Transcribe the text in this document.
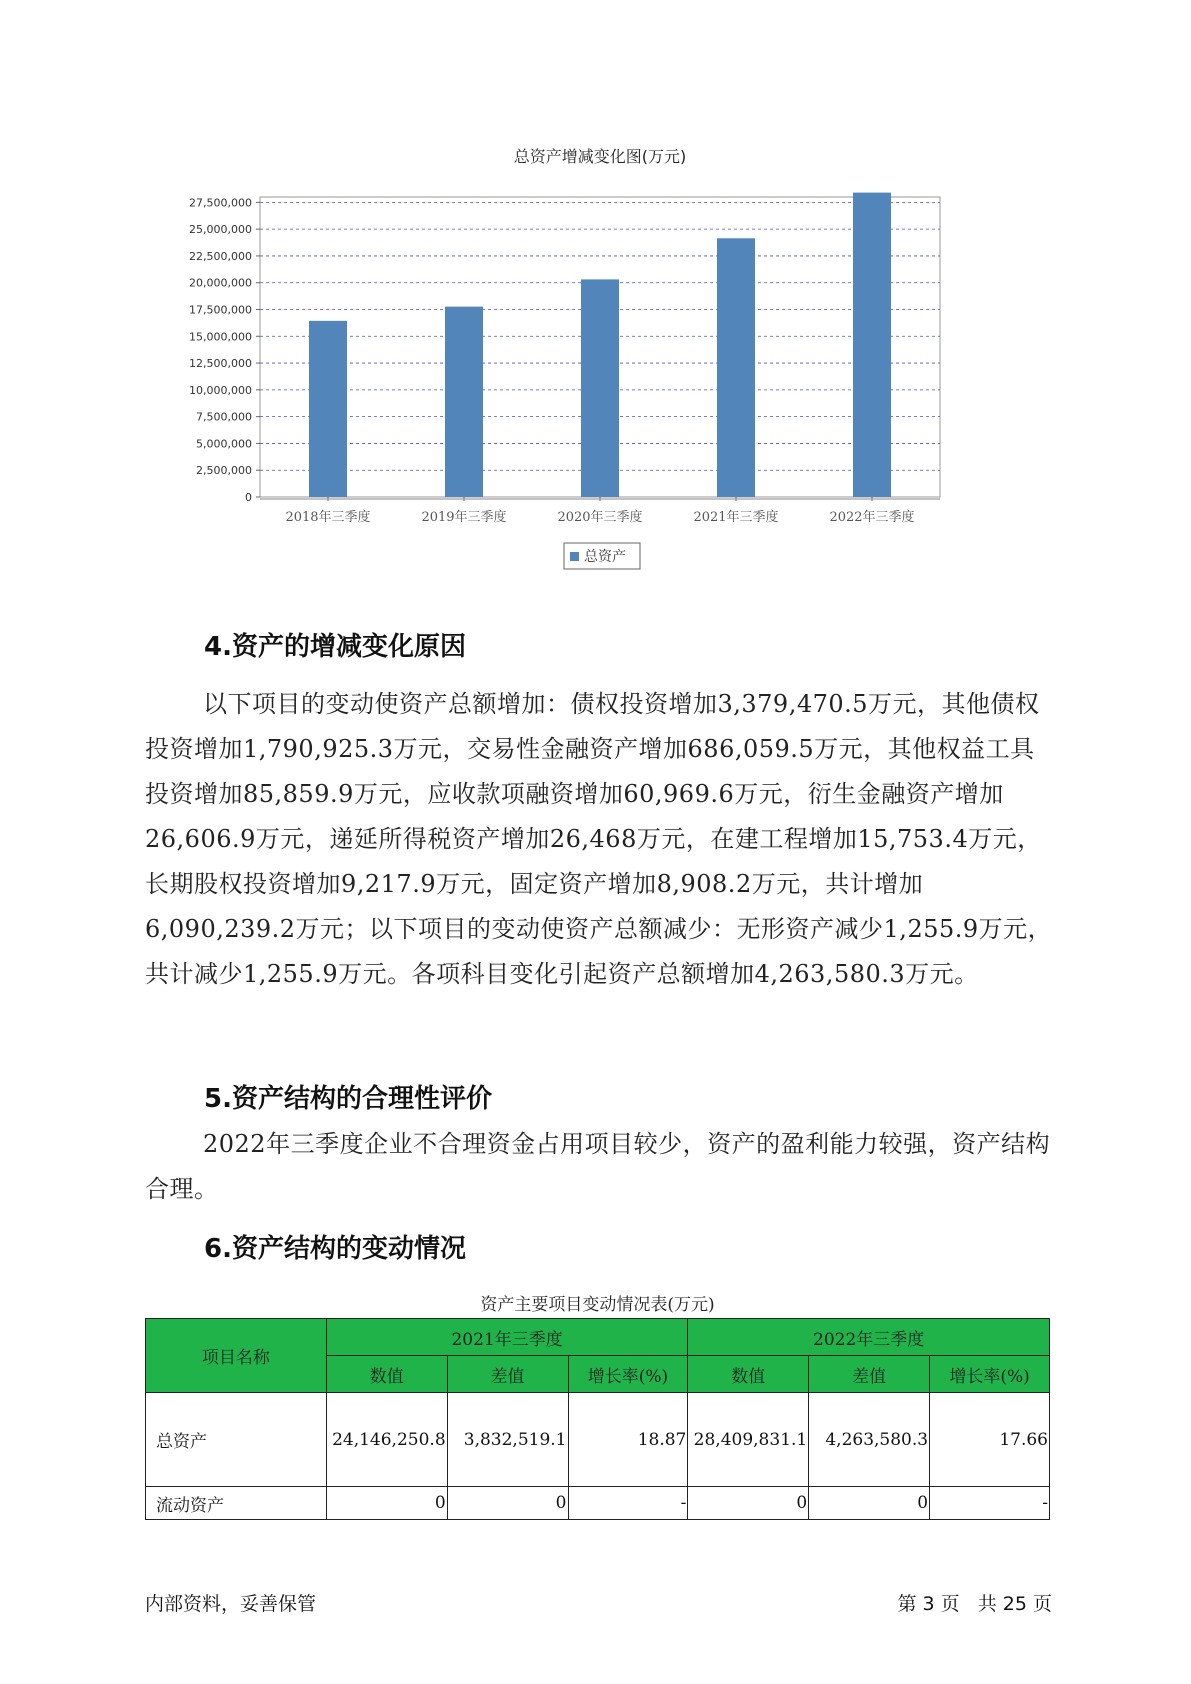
总资产增减变化图(万元)
0
2,500,000
5,000,000
7,500,000
10,000,000
12,500,000
15,000,000
17,500,000
20,000,000
22,500,000
25,000,000
27,500,000
2018年三季度	2019年三季度	2020年三季度	2021年三季度	2022年三季度
总资产
4.资产的增减变化原因
以下项目的变动使资产总额增加：债权投资增加3,379,470.5万元，其他债权投资增加1,790,925.3万元，交易性金融资产增加686,059.5万元，其他权益工具投资增加85,859.9万元，应收款项融资增加60,969.6万元，衍生金融资产增加26,606.9万元，递延所得税资产增加26,468万元，在建工程增加15,753.4万元，长期股权投资增加9,217.9万元，固定资产增加8,908.2万元，共计增加6,090,239.2万元；以下项目的变动使资产总额减少：无形资产减少1,255.9万元，共计减少1,255.9万元。各项科目变化引起资产总额增加4,263,580.3万元。
5.资产结构的合理性评价
2022年三季度企业不合理资金占用项目较少，资产的盈利能力较强，资产结构合理。
6.资产结构的变动情况
资产主要项目变动情况表(万元)
项目名称	2021年三季度			2022年三季度		
	数值	差值	增长率(%)	数值	差值	增长率(%)
总资产	24,146,250.8	3,832,519.1	18.87	28,409,831.1	4,263,580.3	17.66
流动资产	0	0	-	0	0	-
内部资料，妥善保管	第 3 页   共 25 页
